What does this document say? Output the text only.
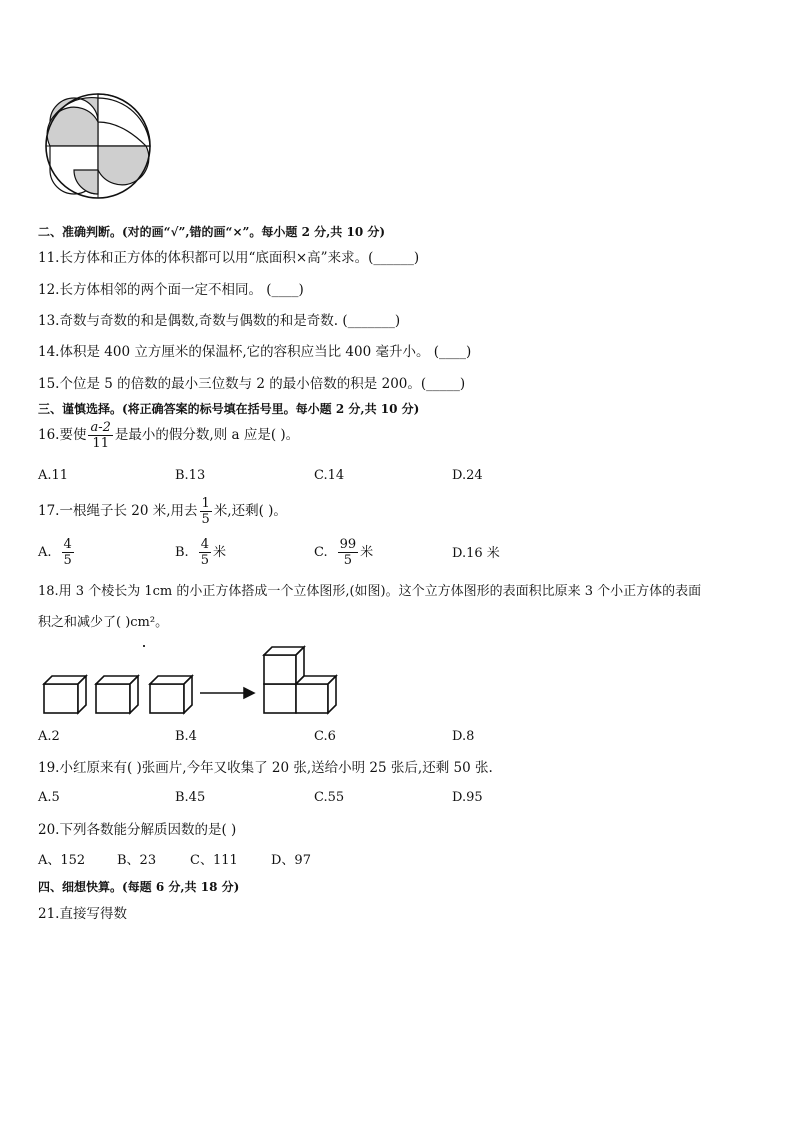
二、准确判断。(对的画“√”,错的画“×”。每小题 2 分,共 10 分)
11.长方体和正方体的体积都可以用“底面积×高”来求。(______)
12.长方体相邻的两个面一定不相同。 (____)
13.奇数与奇数的和是偶数,奇数与偶数的和是奇数. (_______)
14.体积是 400 立方厘米的保温杯,它的容积应当比 400 毫升小。 (____)
15.个位是 5 的倍数的最小三位数与 2 的最小倍数的积是 200。(_____)
三、谨慎选择。(将正确答案的标号填在括号里。每小题 2 分,共 10 分)
16.要使 $\frac{a-2}{11}$ 是最小的假分数,则 a 应是( )。
A.11	B.13	C.14	D.24
17.一根绳子长 20 米,用去 $\frac{1}{5}$ 米,还剩( )。
A. $\frac{4}{5}$	B. $\frac{4}{5}$ 米	C. $\frac{99}{5}$ 米	D.16 米
18.用 3 个棱长为 1cm 的小正方体搭成一个立体图形,(如图)。这个立方体图形的表面积比原来 3 个小正方体的表面
积之和减少了( )cm²。
A.2	B.4	C.6	D.8
19.小红原来有( )张画片,今年又收集了 20 张,送给小明 25 张后,还剩 50 张.
A.5	B.45	C.55	D.95
20.下列各数能分解质因数的是( )
A、152 B、23	C、111	D、97
四、细想快算。(每题 6 分,共 18 分)
21.直接写得数
